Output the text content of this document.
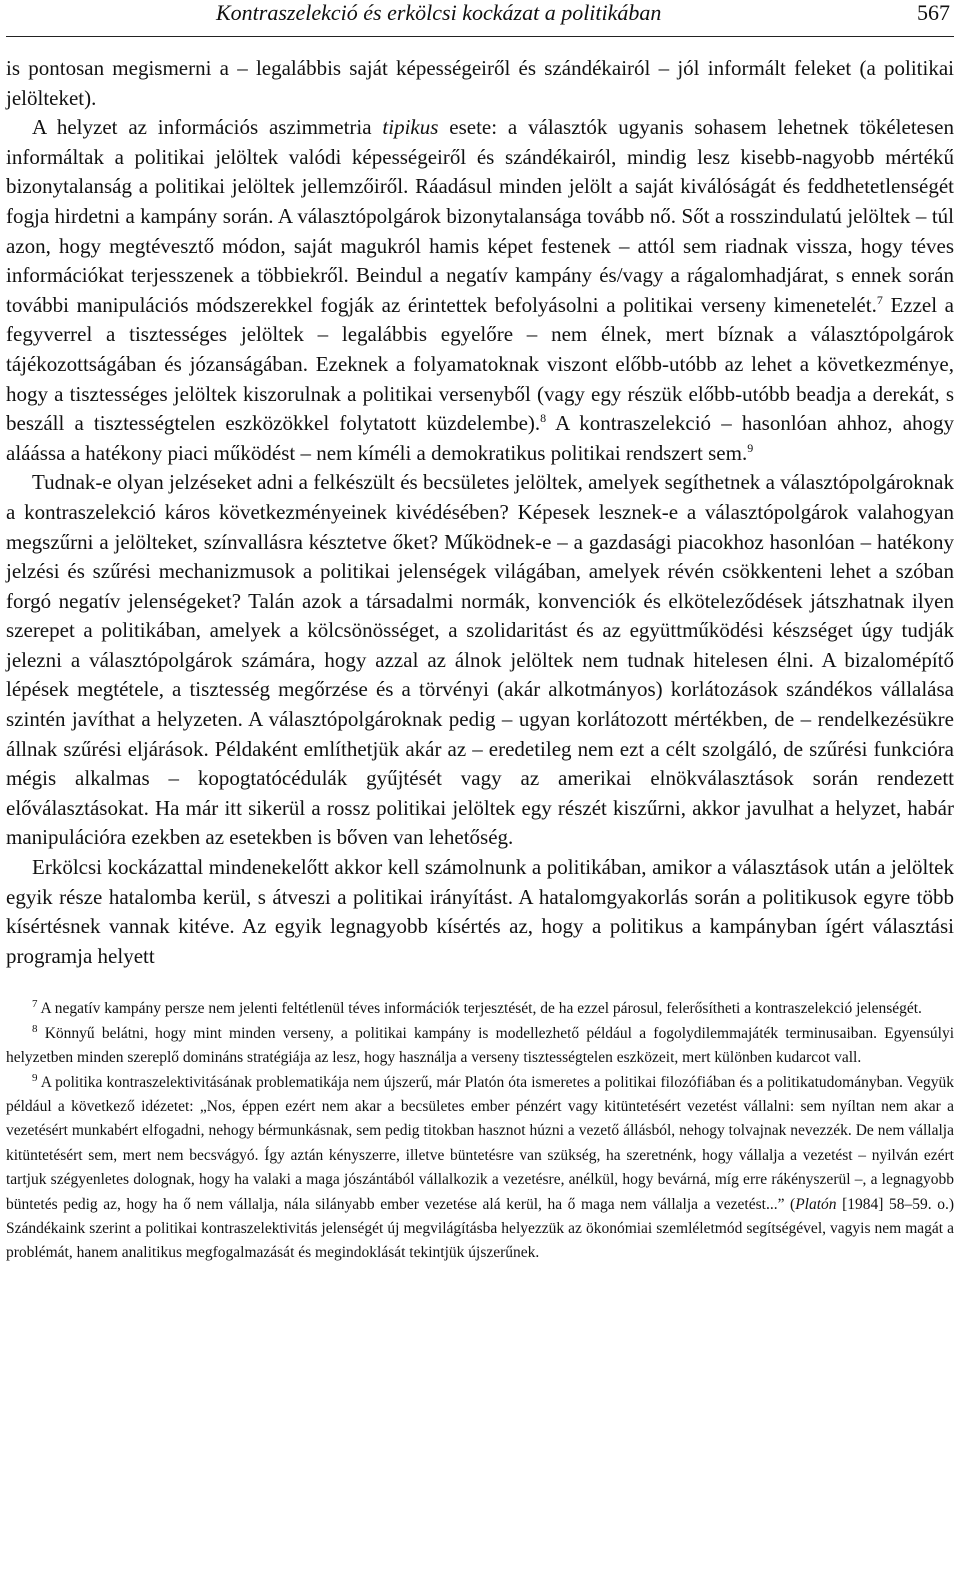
Kontraszelekció és erkölcsi kockázat a politikában	567

is pontosan megismerni a – legalábbis saját képességeiről és szándékairól – jól informált feleket (a politikai jelölteket).

A helyzet az információs aszimmetria tipikus esete: a választók ugyanis sohasem lehetnek tökéletesen informáltak a politikai jelöltek valódi képességeiről és szándékairól, mindig lesz kisebb-nagyobb mértékű bizonytalanság a politikai jelöltek jellemzőiről. Ráadásul minden jelölt a saját kiválóságát és feddhetetlenségét fogja hirdetni a kampány során. A választópolgárok bizonytalansága tovább nő. Sőt a rosszindulatú jelöltek – túl azon, hogy megtévesztő módon, saját magukról hamis képet festenek – attól sem riadnak vissza, hogy téves információkat terjesszenek a többiekről. Beindul a negatív kampány és/vagy a rágalomhadjárat, s ennek során további manipulációs módszerekkel fogják az érintettek befolyásolni a politikai verseny kimenetelét.$^7$ Ezzel a fegyverrel a tisztességes jelöltek – legalábbis egyelőre – nem élnek, mert bíznak a választópolgárok tájékozottságában és józanságában. Ezeknek a folyamatoknak viszont előbb-utóbb az lehet a következménye, hogy a tisztességes jelöltek kiszorulnak a politikai versenyből (vagy egy részük előbb-utóbb beadja a derekát, s beszáll a tisztességtelen eszközökkel folytatott küzdelembe).$^8$ A kontraszelekció – hasonlóan ahhoz, ahogy aláássa a hatékony piaci működést – nem kíméli a demokratikus politikai rendszert sem.$^9$

Tudnak-e olyan jelzéseket adni a felkészült és becsületes jelöltek, amelyek segíthetnek a választópolgároknak a kontraszelekció káros következményeinek kivédésében? Képesek lesznek-e a választópolgárok valahogyan megszűrni a jelölteket, színvallásra késztetve őket? Működnek-e – a gazdasági piacokhoz hasonlóan – hatékony jelzési és szűrési mechanizmusok a politikai jelenségek világában, amelyek révén csökkenteni lehet a szóban forgó negatív jelenségeket? Talán azok a társadalmi normák, konvenciók és elköteleződések játszhatnak ilyen szerepet a politikában, amelyek a kölcsönösséget, a szolidaritást és az együttműködési készséget úgy tudják jelezni a választópolgárok számára, hogy azzal az álnok jelöltek nem tudnak hitelesen élni. A bizalomépítő lépések megtétele, a tisztesség megőrzése és a törvényi (akár alkotmányos) korlátozások szándékos vállalása szintén javíthat a helyzeten. A választópolgároknak pedig – ugyan korlátozott mértékben, de – rendelkezésükre állnak szűrési eljárások. Példaként említhetjük akár az – eredetileg nem ezt a célt szolgáló, de szűrési funkcióra mégis alkalmas – kopogtatócédulák gyűjtését vagy az amerikai elnökválasztások során rendezett előválasztásokat. Ha már itt sikerül a rossz politikai jelöltek egy részét kiszűrni, akkor javulhat a helyzet, habár manipulációra ezekben az esetekben is bőven van lehetőség.

Erkölcsi kockázattal mindenekelőtt akkor kell számolnunk a politikában, amikor a választások után a jelöltek egyik része hatalomba kerül, s átveszi a politikai irányítást. A hatalomgyakorlás során a politikusok egyre több kísértésnek vannak kitéve. Az egyik legnagyobb kísértés az, hogy a politikus a kampányban ígért választási programja helyett

$^7$ A negatív kampány persze nem jelenti feltétlenül téves információk terjesztését, de ha ezzel párosul, felerősítheti a kontraszelekció jelenségét.

$^8$ Könnyű belátni, hogy mint minden verseny, a politikai kampány is modellezhető például a fogolydilemmajáték terminusaiban. Egyensúlyi helyzetben minden szereplő domináns stratégiája az lesz, hogy használja a verseny tisztességtelen eszközeit, mert különben kudarcot vall.

$^9$ A politika kontraszelektivitásának problematikája nem újszerű, már Platón óta ismeretes a politikai filozófiában és a politikatudományban. Vegyük például a következő idézetet: „Nos, éppen ezért nem akar a becsületes ember pénzért vagy kitüntetésért vezetést vállalni: sem nyíltan nem akar a vezetésért munkabért elfogadni, nehogy bérmunkásnak, sem pedig titokban hasznot húzni a vezető állásból, nehogy tolvajnak nevezzék. De nem vállalja kitüntetésért sem, mert nem becsvágyó. Így aztán kényszerre, illetve büntetésre van szükség, ha szeretnénk, hogy vállalja a vezetést – nyilván ezért tartjuk szégyenletes dolognak, hogy ha valaki a maga jószántából vállalkozik a vezetésre, anélkül, hogy bevárná, míg erre rákényszerül –, a legnagyobb büntetés pedig az, hogy ha ő nem vállalja, nála silányabb ember vezetése alá kerül, ha ő maga nem vállalja a vezetést...” (Platón [1984] 58–59. o.) Szándékaink szerint a politikai kontraszelektivitás jelenségét új megvilágításba helyezzük az ökonómiai szemléletmód segítségével, vagyis nem magát a problémát, hanem analitikus megfogalmazását és megindoklását tekintjük újszerűnek.
